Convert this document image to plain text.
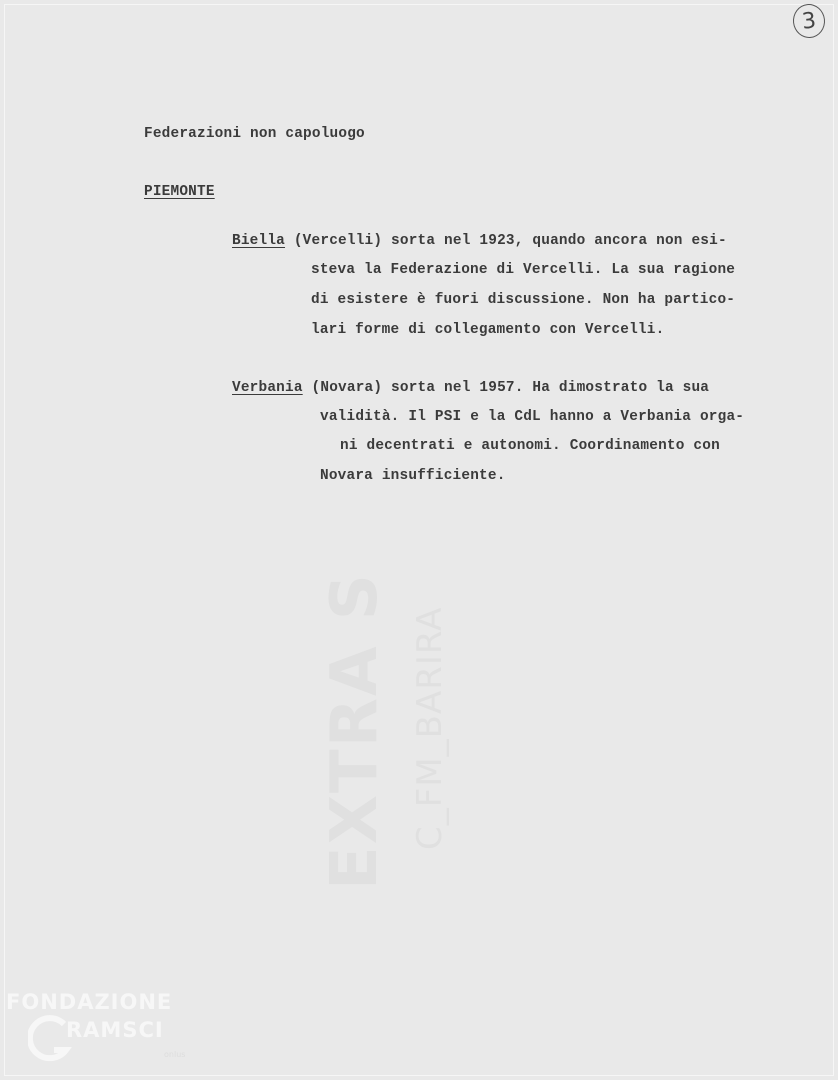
3

Federazioni non capoluogo

PIEMONTE

Biella (Vercelli) sorta nel 1923, quando ancora non esi-

steva la Federazione di Vercelli. La sua ragione

di esistere è fuori discussione. Non ha partico-

lari forme di collegamento con Vercelli.

Verbania (Novara) sorta nel 1957. Ha dimostrato la sua

validità. Il PSI e la CdL hanno a Verbania orga-

ni decentrati e autonomi. Coordinamento con

Novara insufficiente.

EXTRA S C_FM_BARIRA
FONDAZIONE
RAMSCI
onlus
